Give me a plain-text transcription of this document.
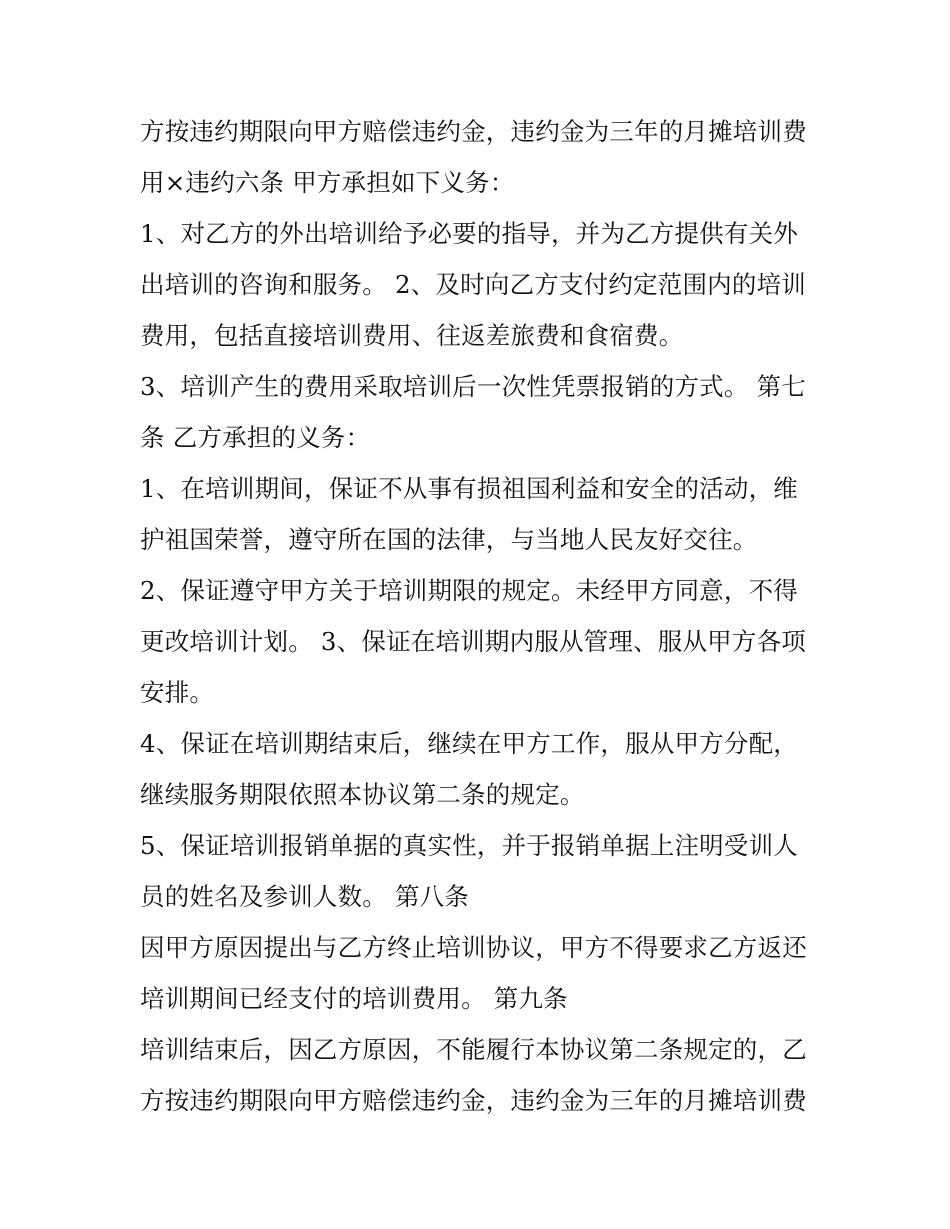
方按违约期限向甲方赔偿违约金，违约金为三年的月摊培训费
用×违约六条 甲方承担如下义务：
1、对乙方的外出培训给予必要的指导，并为乙方提供有关外
出培训的咨询和服务。 2、及时向乙方支付约定范围内的培训
费用，包括直接培训费用、往返差旅费和食宿费。
3、培训产生的费用采取培训后一次性凭票报销的方式。 第七
条 乙方承担的义务：
1、在培训期间，保证不从事有损祖国利益和安全的活动，维
护祖国荣誉，遵守所在国的法律，与当地人民友好交往。
2、保证遵守甲方关于培训期限的规定。未经甲方同意，不得
更改培训计划。 3、保证在培训期内服从管理、服从甲方各项
安排。
4、保证在培训期结束后，继续在甲方工作，服从甲方分配，
继续服务期限依照本协议第二条的规定。
5、保证培训报销单据的真实性，并于报销单据上注明受训人
员的姓名及参训人数。 第八条
因甲方原因提出与乙方终止培训协议，甲方不得要求乙方返还
培训期间已经支付的培训费用。 第九条
培训结束后，因乙方原因，不能履行本协议第二条规定的，乙
方按违约期限向甲方赔偿违约金，违约金为三年的月摊培训费
